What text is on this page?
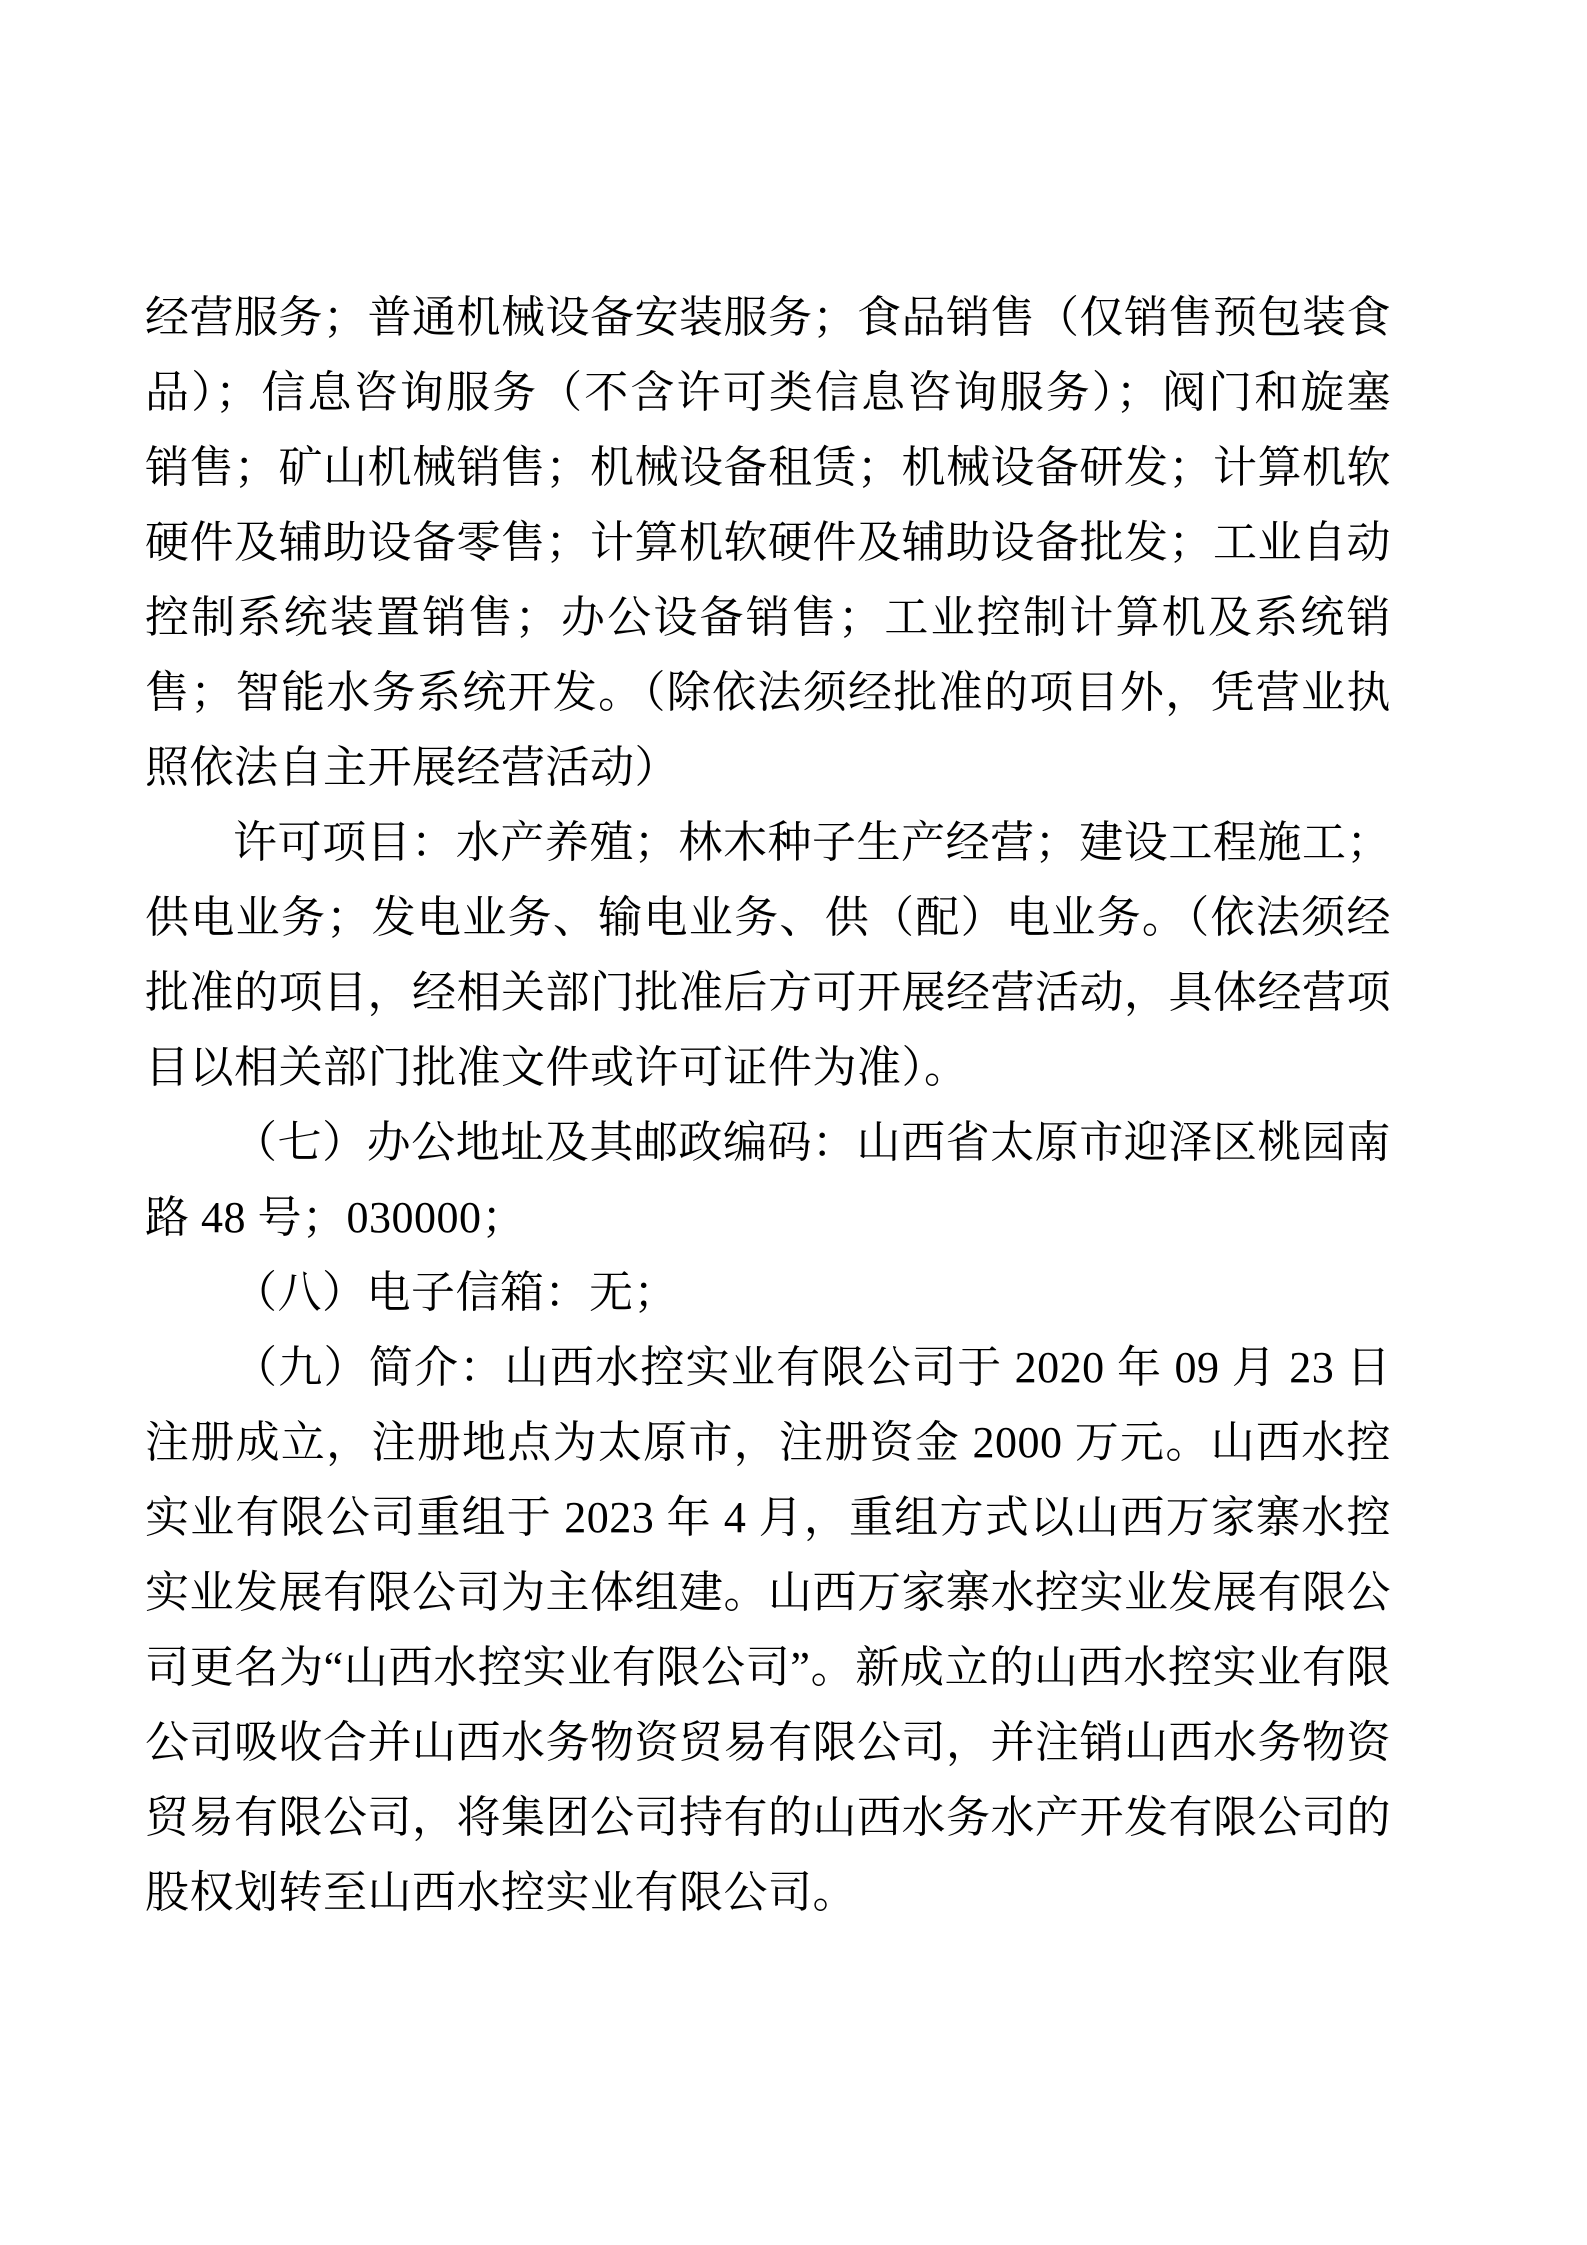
经营服务；普通机械设备安装服务；食品销售（仅销售预包装食品）；信息咨询服务（不含许可类信息咨询服务）；阀门和旋塞销售；矿山机械销售；机械设备租赁；机械设备研发；计算机软硬件及辅助设备零售；计算机软硬件及辅助设备批发；工业自动控制系统装置销售；办公设备销售；工业控制计算机及系统销售；智能水务系统开发。（除依法须经批准的项目外，凭营业执照依法自主开展经营活动）

许可项目：水产养殖；林木种子生产经营；建设工程施工；供电业务；发电业务、输电业务、供（配）电业务。（依法须经批准的项目，经相关部门批准后方可开展经营活动，具体经营项目以相关部门批准文件或许可证件为准）。

（七）办公地址及其邮政编码：山西省太原市迎泽区桃园南路 48 号；030000；

（八）电子信箱：无；

（九）简介：山西水控实业有限公司于 2020 年 09 月 23 日注册成立，注册地点为太原市，注册资金 2000 万元。山西水控实业有限公司重组于 2023 年 4 月，重组方式以山西万家寨水控实业发展有限公司为主体组建。山西万家寨水控实业发展有限公司更名为“山西水控实业有限公司”。新成立的山西水控实业有限公司吸收合并山西水务物资贸易有限公司，并注销山西水务物资贸易有限公司，将集团公司持有的山西水务水产开发有限公司的股权划转至山西水控实业有限公司。
